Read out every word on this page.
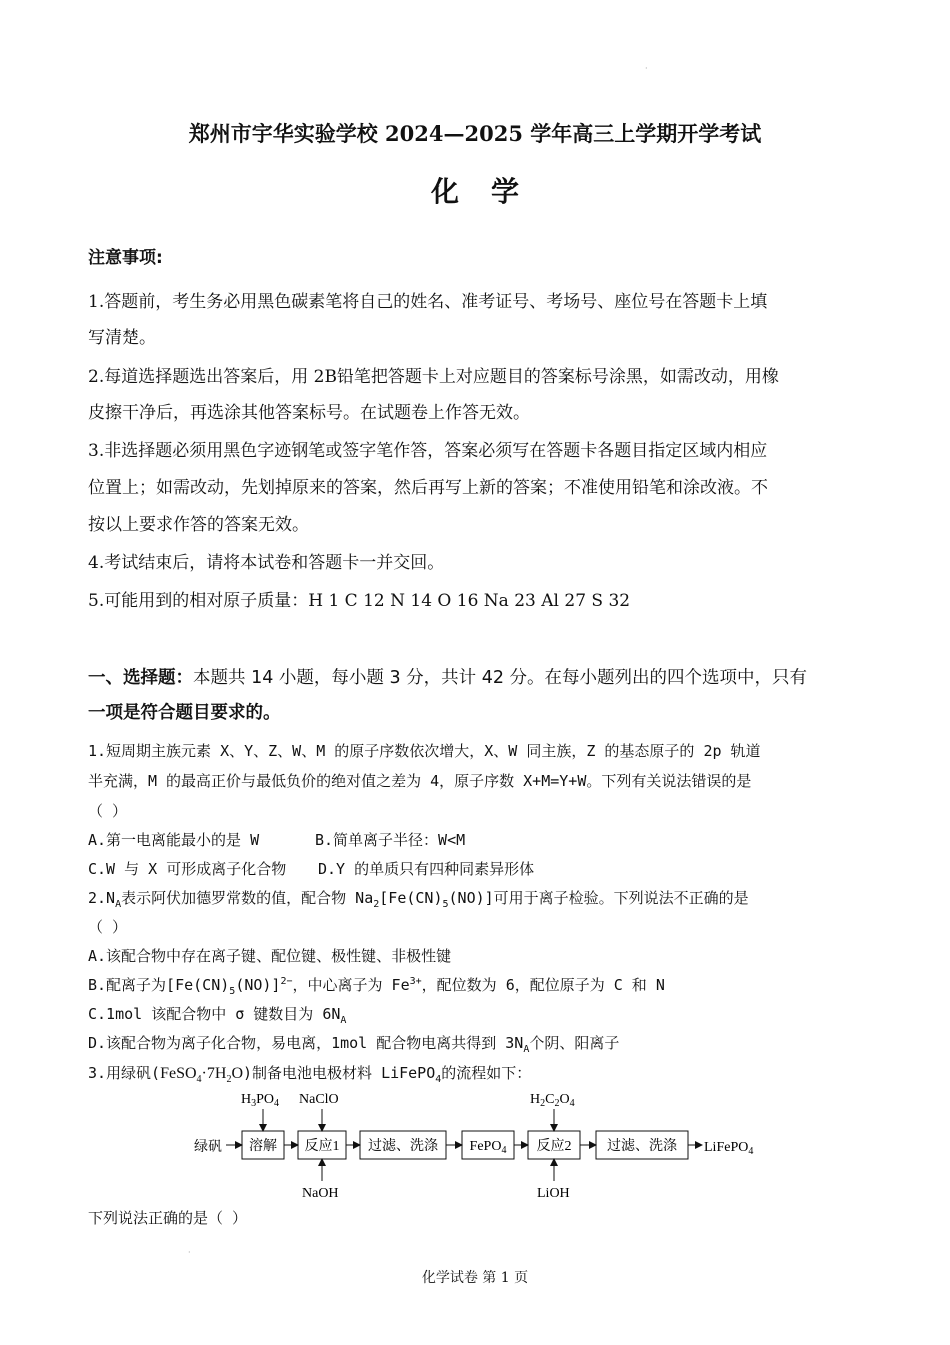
·
·
郑州市宇华实验学校 2024—2025 学年高三上学期开学考试
化学
注意事项:
1.答题前，考生务必用黑色碳素笔将自己的姓名、准考证号、考场号、座位号在答题卡上填
写清楚。
2.每道选择题选出答案后，用 2B铅笔把答题卡上对应题目的答案标号涂黑，如需改动，用橡
皮擦干净后，再选涂其他答案标号。在试题卷上作答无效。
3.非选择题必须用黑色字迹钢笔或签字笔作答，答案必须写在答题卡各题目指定区域内相应
位置上；如需改动，先划掉原来的答案，然后再写上新的答案；不准使用铅笔和涂改液。不
按以上要求作答的答案无效。
4.考试结束后，请将本试卷和答题卡一并交回。
5.可能用到的相对原子质量：H 1 C 12 N 14 O 16 Na 23 Al 27 S 32
一、选择题：本题共 14 小题，每小题 3 分，共计 42 分。在每小题列出的四个选项中，只有
一项是符合题目要求的。
1.短周期主族元素 X、Y、Z、W、M 的原子序数依次增大，X、W 同主族，Z 的基态原子的 2p 轨道
半充满，M 的最高正价与最低负价的绝对值之差为 4，原子序数 X+M=Y+W。下列有关说法错误的是
（ ）
A.第一电离能最小的是 W	B.简单离子半径：W<M
C.W 与 X 可形成离子化合物 D.Y 的单质只有四种同素异形体
$2.N_A$表示阿伏加德罗常数的值，配合物 $Na_2[Fe(CN)_5(NO)]$可用于离子检验。下列说法不正确的是
（ ）
A.该配合物中存在离子键、配位键、极性键、非极性键
B.配离子为$[Fe(CN)_5(NO)]^{2-}$，中心离子为 $Fe^{3+}$，配位数为 6，配位原子为 C 和 N
C.1mol 该配合物中 σ 键数目为 $6N_A$
D.该配合物为离子化合物，易电离，1mol 配合物电离共得到 $3N_A$个阴、阳离子
3.用绿矾$(FeSO_4\cdot 7H_2O)$制备电池电极材料 LiFePO$_4$的流程如下：
绿矾 溶解 反应1 过滤、洗涤 FePO$_4$ 反应2	过滤、洗涤 LiFePO$_4$
$H_3PO_4$ NaClO	$H_2C_2O_4$
NaOH	LiOH
下列说法正确的是（ ）
化学试卷 第 1 页
